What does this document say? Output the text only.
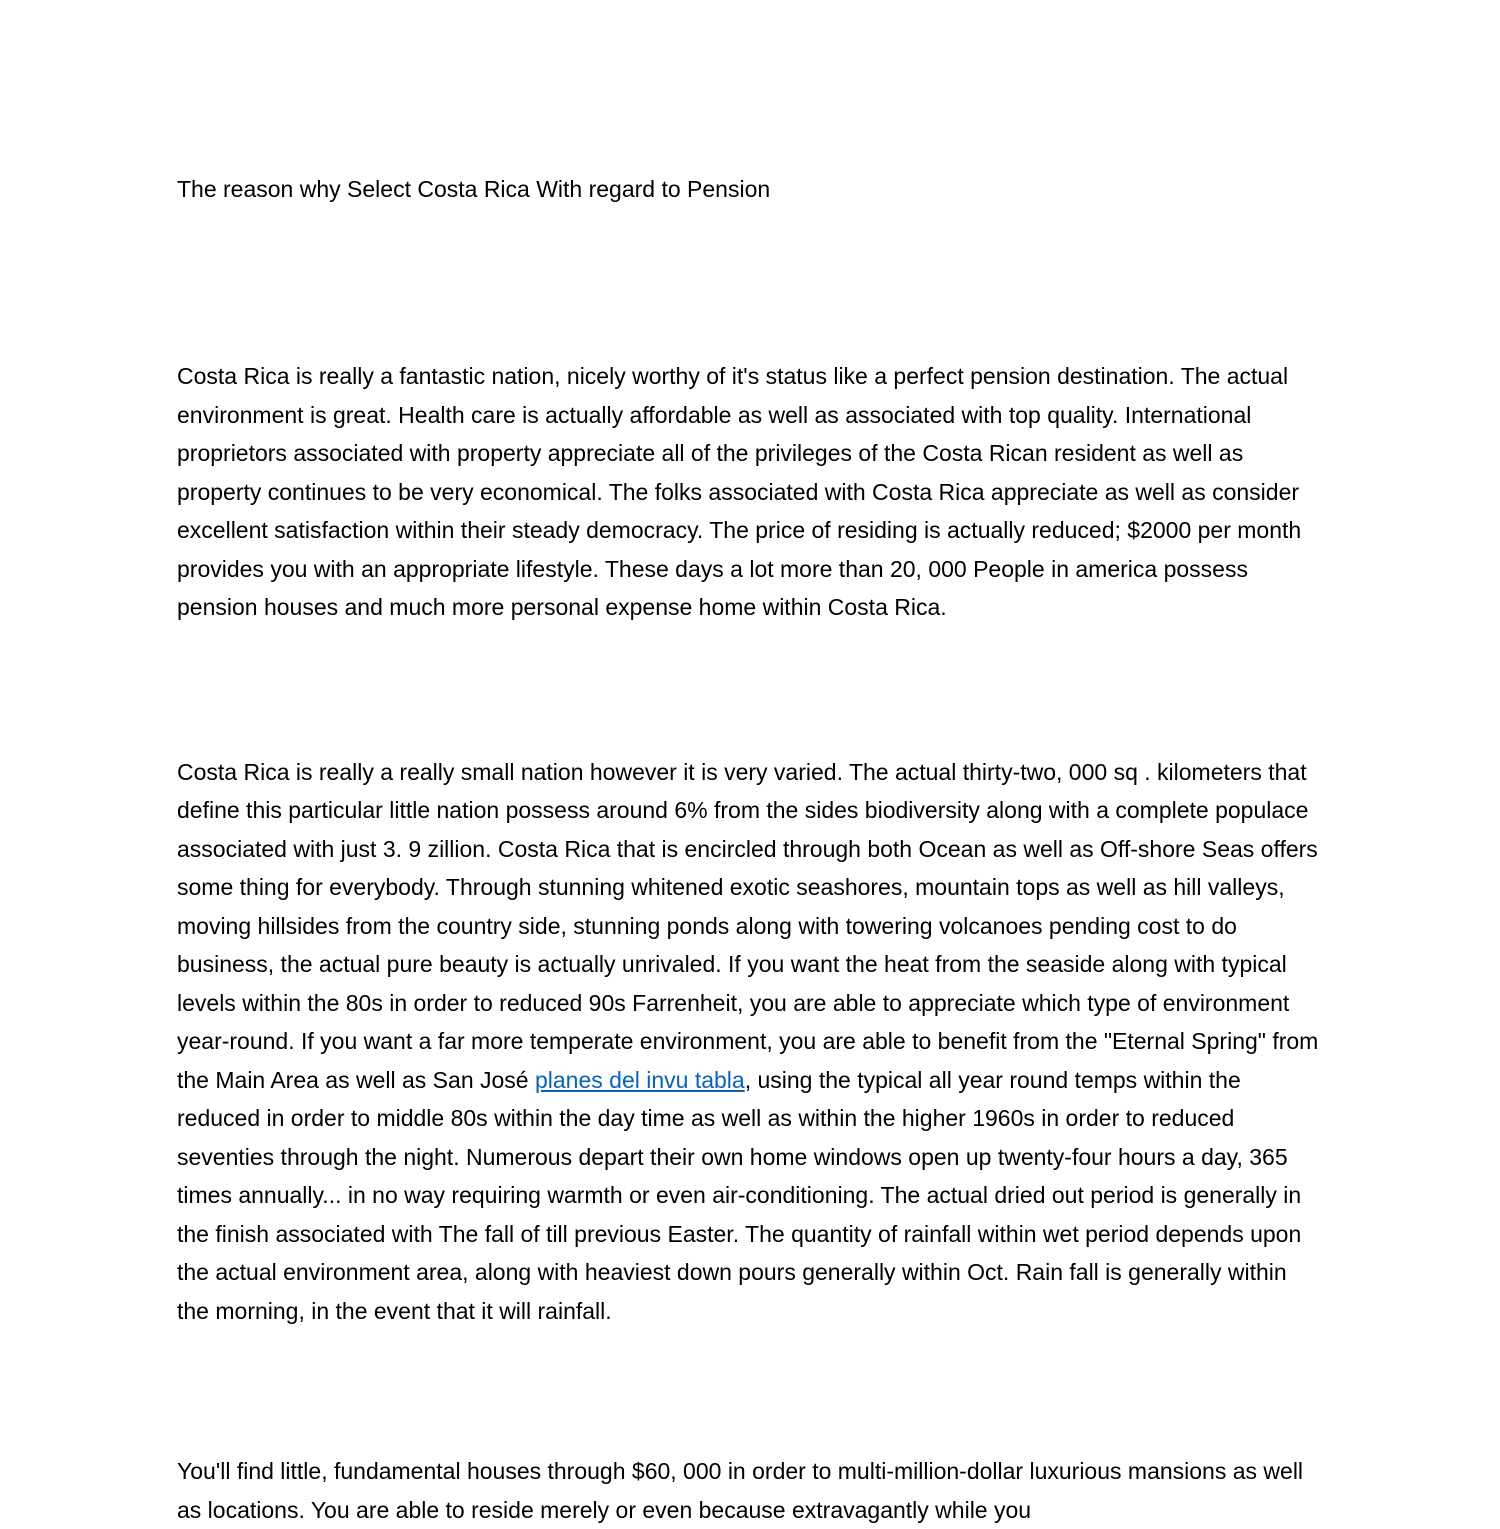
The reason why Select Costa Rica With regard to Pension

Costa Rica is really a fantastic nation, nicely worthy of it's status like a perfect pension destination. The actual environment is great. Health care is actually affordable as well as associated with top quality. International proprietors associated with property appreciate all of the privileges of the Costa Rican resident as well as property continues to be very economical. The folks associated with Costa Rica appreciate as well as consider excellent satisfaction within their steady democracy. The price of residing is actually reduced; $2000 per month provides you with an appropriate lifestyle. These days a lot more than 20, 000 People in america possess pension houses and much more personal expense home within Costa Rica.

Costa Rica is really a really small nation however it is very varied. The actual thirty-two, 000 sq . kilometers that define this particular little nation possess around 6% from the sides biodiversity along with a complete populace associated with just 3. 9 zillion. Costa Rica that is encircled through both Ocean as well as Off-shore Seas offers some thing for everybody. Through stunning whitened exotic seashores, mountain tops as well as hill valleys, moving hillsides from the country side, stunning ponds along with towering volcanoes pending cost to do business, the actual pure beauty is actually unrivaled. If you want the heat from the seaside along with typical levels within the 80s in order to reduced 90s Farrenheit, you are able to appreciate which type of environment year-round. If you want a far more temperate environment, you are able to benefit from the "Eternal Spring" from the Main Area as well as San José planes del invu tabla, using the typical all year round temps within the reduced in order to middle 80s within the day time as well as within the higher 1960s in order to reduced seventies through the night. Numerous depart their own home windows open up twenty-four hours a day, 365 times annually... in no way requiring warmth or even air-conditioning. The actual dried out period is generally in the finish associated with The fall of till previous Easter. The quantity of rainfall within wet period depends upon the actual environment area, along with heaviest down pours generally within Oct. Rain fall is generally within the morning, in the event that it will rainfall.

You'll find little, fundamental houses through $60, 000 in order to multi-million-dollar luxurious mansions as well as locations. You are able to reside merely or even because extravagantly while you
